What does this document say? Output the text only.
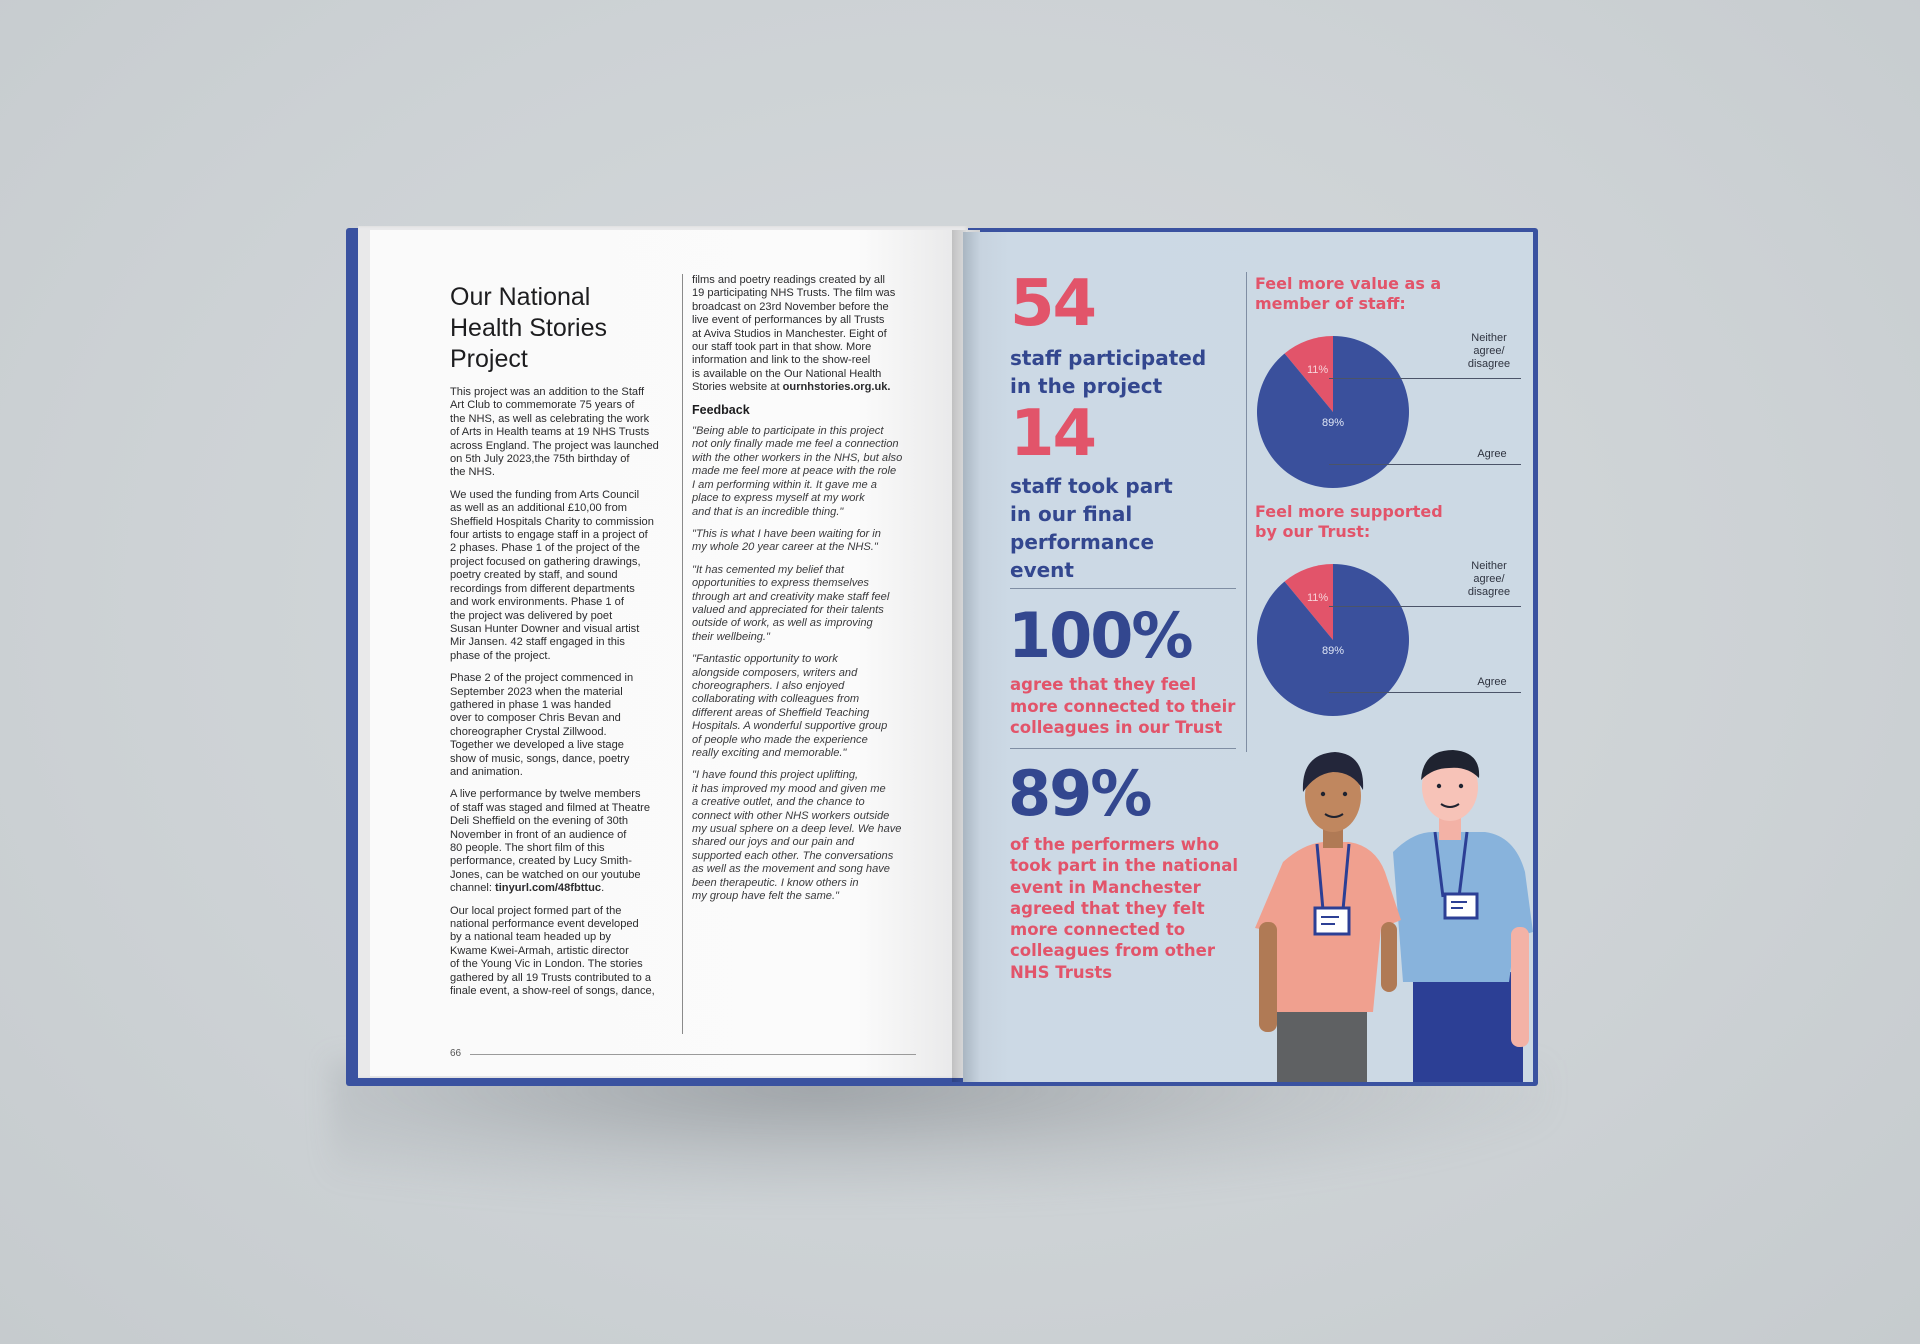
Our National
Health Stories
Project

This project was an addition to the Staff
Art Club to commemorate 75 years of
the NHS, as well as celebrating the work
of Arts in Health teams at 19 NHS Trusts
across England. The project was launched
on 5th July 2023,the 75th birthday of
the NHS.

We used the funding from Arts Council
as well as an additional £10,00 from
Sheffield Hospitals Charity to commission
four artists to engage staff in a project of
2 phases. Phase 1 of the project of the
project focused on gathering drawings,
poetry created by staff, and sound
recordings from different departments
and work environments. Phase 1 of
the project was delivered by poet
Susan Hunter Downer and visual artist
Mir Jansen. 42 staff engaged in this
phase of the project.

Phase 2 of the project commenced in
September 2023 when the material
gathered in phase 1 was handed
over to composer Chris Bevan and
choreographer Crystal Zillwood.
Together we developed a live stage
show of music, songs, dance, poetry
and animation.

A live performance by twelve members
of staff was staged and filmed at Theatre
Deli Sheffield on the evening of 30th
November in front of an audience of
80 people. The short film of this
performance, created by Lucy Smith-
Jones, can be watched on our youtube
channel: tinyurl.com/48fbttuc.

Our local project formed part of the
national performance event developed
by a national team headed up by
Kwame Kwei-Armah, artistic director
of the Young Vic in London. The stories
gathered by all 19 Trusts contributed to a
finale event, a show-reel of songs, dance,

films and poetry readings created by all
19 participating NHS Trusts. The film was
broadcast on 23rd November before the
live event of performances by all Trusts
at Aviva Studios in Manchester. Eight of
our staff took part in that show. More
information and link to the show-reel
is available on the Our National Health
Stories website at ournhstories.org.uk.

Feedback

"Being able to participate in this project
not only finally made me feel a connection
with the other workers in the NHS, but also
made me feel more at peace with the role
I am performing within it. It gave me a
place to express myself at my work
and that is an incredible thing."

"This is what I have been waiting for in
my whole 20 year career at the NHS."

"It has cemented my belief that
opportunities to express themselves
through art and creativity make staff feel
valued and appreciated for their talents
outside of work, as well as improving
their wellbeing."

"Fantastic opportunity to work
alongside composers, writers and
choreographers. I also enjoyed
collaborating with colleagues from
different areas of Sheffield Teaching
Hospitals. A wonderful supportive group
of people who made the experience
really exciting and memorable."

"I have found this project uplifting,
it has improved my mood and given me
a creative outlet, and the chance to
connect with other NHS workers outside
my usual sphere on a deep level. We have
shared our joys and our pain and
supported each other. The conversations
as well as the movement and song have
been therapeutic. I know others in
my group have felt the same."

66
54
staff participated
in the project
14
staff took part
in our final
performance
event
100%
agree that they feel
more connected to their
colleagues in our Trust
89%
of the performers who
took part in the national
event in Manchester
agreed that they felt
more connected to
colleagues from other
NHS Trusts
Feel more value as a
member of staff:
11%
89%
Neither
agree/
disagree
Agree
Feel more supported
by our Trust:
11%
89%
Neither
agree/
disagree
Agree
